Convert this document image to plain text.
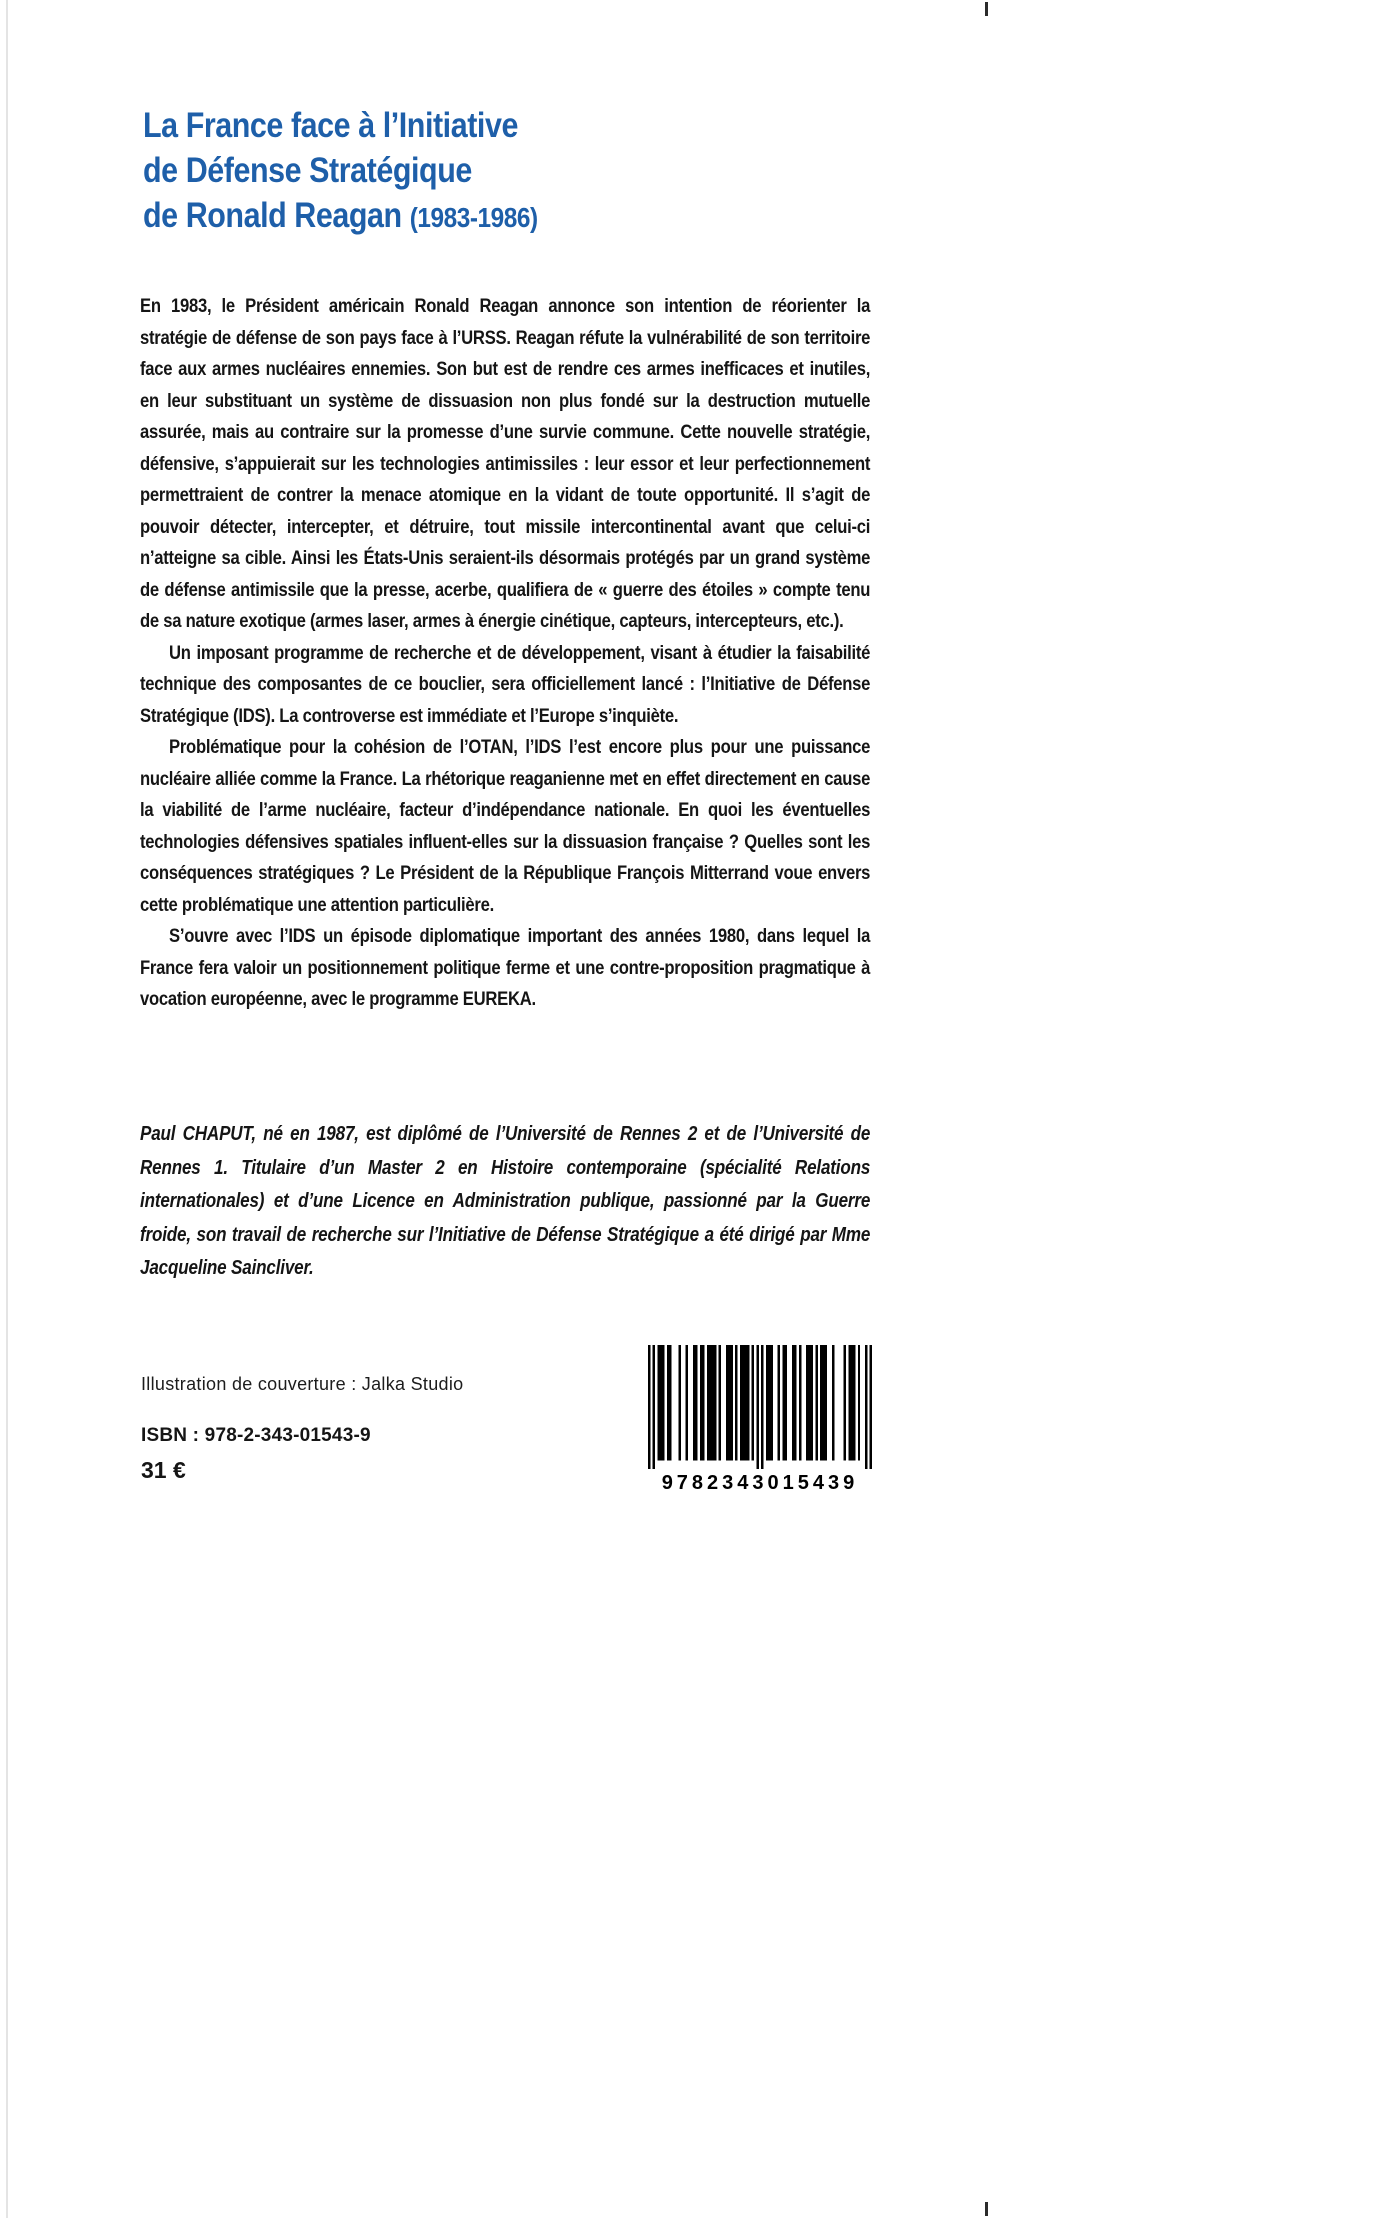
La France face à l’Initiative
de Défense Stratégique
de Ronald Reagan (1983-1986)

En 1983, le Président américain Ronald Reagan annonce son intention de réorienter la stratégie de défense de son pays face à l’URSS. Reagan réfute la vulnérabilité de son territoire face aux armes nucléaires ennemies. Son but est de rendre ces armes inefficaces et inutiles, en leur substituant un système de dissuasion non plus fondé sur la destruction mutuelle assurée, mais au contraire sur la promesse d’une survie commune. Cette nouvelle stratégie, défensive, s’appuierait sur les technologies antimissiles : leur essor et leur perfectionnement permettraient de contrer la menace atomique en la vidant de toute opportunité. Il s’agit de pouvoir détecter, intercepter, et détruire, tout missile intercontinental avant que celui-ci n’atteigne sa cible. Ainsi les États-Unis seraient-ils désormais protégés par un grand système de défense antimissile que la presse, acerbe, qualifiera de « guerre des étoiles » compte tenu de sa nature exotique (armes laser, armes à énergie cinétique, capteurs, intercepteurs, etc.).

Un imposant programme de recherche et de développement, visant à étudier la faisabilité technique des composantes de ce bouclier, sera officiellement lancé : l’Initiative de Défense Stratégique (IDS). La controverse est immédiate et l’Europe s’inquiète.

Problématique pour la cohésion de l’OTAN, l’IDS l’est encore plus pour une puissance nucléaire alliée comme la France. La rhétorique reaganienne met en effet directement en cause la viabilité de l’arme nucléaire, facteur d’indépendance nationale. En quoi les éventuelles technologies défensives spatiales influent-elles sur la dissuasion française ? Quelles sont les conséquences stratégiques ? Le Président de la République François Mitterrand voue envers cette problématique une attention particulière.

S’ouvre avec l’IDS un épisode diplomatique important des années 1980, dans lequel la France fera valoir un positionnement politique ferme et une contre-proposition pragmatique à vocation européenne, avec le programme EUREKA.

Paul CHAPUT, né en 1987, est diplômé de l’Université de Rennes 2 et de l’Université de Rennes 1. Titulaire d’un Master 2 en Histoire contemporaine (spécialité Relations internationales) et d’une Licence en Administration publique, passionné par la Guerre froide, son travail de recherche sur l’Initiative de Défense Stratégique a été dirigé par Mme Jacqueline Saincliver.

Illustration de couverture : Jalka Studio
ISBN : 978-2-343-01543-9
31 €	9782343015439
